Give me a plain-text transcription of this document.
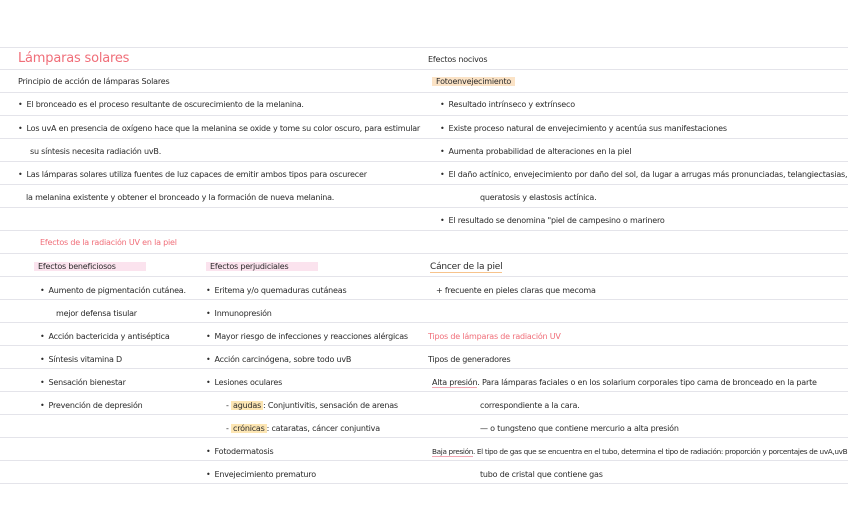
Lámparas solares
Principio de acción de lámparas Solares
• El bronceado es el proceso resultante de oscurecimiento de la melanina.
• Los uvA en presencia de oxígeno hace que la melanina se oxide y tome su color oscuro, para estimular
su síntesis necesita radiación uvB.
• Las lámparas solares utiliza fuentes de luz capaces de emitir ambos tipos para oscurecer
la melanina existente y obtener el bronceado y la formación de nueva melanina.
Efectos de la radiación UV en la piel
Efectos beneficiosos
• Aumento de pigmentación cutánea.
mejor defensa tisular
• Acción bactericida y antiséptica
• Síntesis vitamina D
• Sensación bienestar
• Prevención de depresión
Efectos perjudiciales
• Eritema y/o quemaduras cutáneas
• Inmunopresión
• Mayor riesgo de infecciones y reacciones alérgicas
• Acción carcinógena, sobre todo uvB
• Lesiones oculares
- agudas : Conjuntivitis, sensación de arenas
- crónicas : cataratas, cáncer conjuntiva
• Fotodermatosis
• Envejecimiento prematuro
Efectos nocivos
Fotoenvejecimiento
• Resultado intrínseco y extrínseco
• Existe proceso natural de envejecimiento y acentúa sus manifestaciones
• Aumenta probabilidad de alteraciones en la piel
• El daño actínico, envejecimiento por daño del sol, da lugar a arrugas más pronunciadas, telangiectasias,
queratosis y elastosis actínica.
• El resultado se denomina "piel de campesino o marinero
Cáncer de la piel
+ frecuente en pieles claras que mecoma
Tipos de lámparas de radiación UV
Tipos de generadores
Alta presión. Para lámparas faciales o en los solarium corporales tipo cama de bronceado en la parte
correspondiente a la cara.
— o tungsteno que contiene mercurio a alta presión
Baja presión. El tipo de gas que se encuentra en el tubo, determina el tipo de radiación: proporción y porcentajes de uvA,uvB
tubo de cristal que contiene gas
